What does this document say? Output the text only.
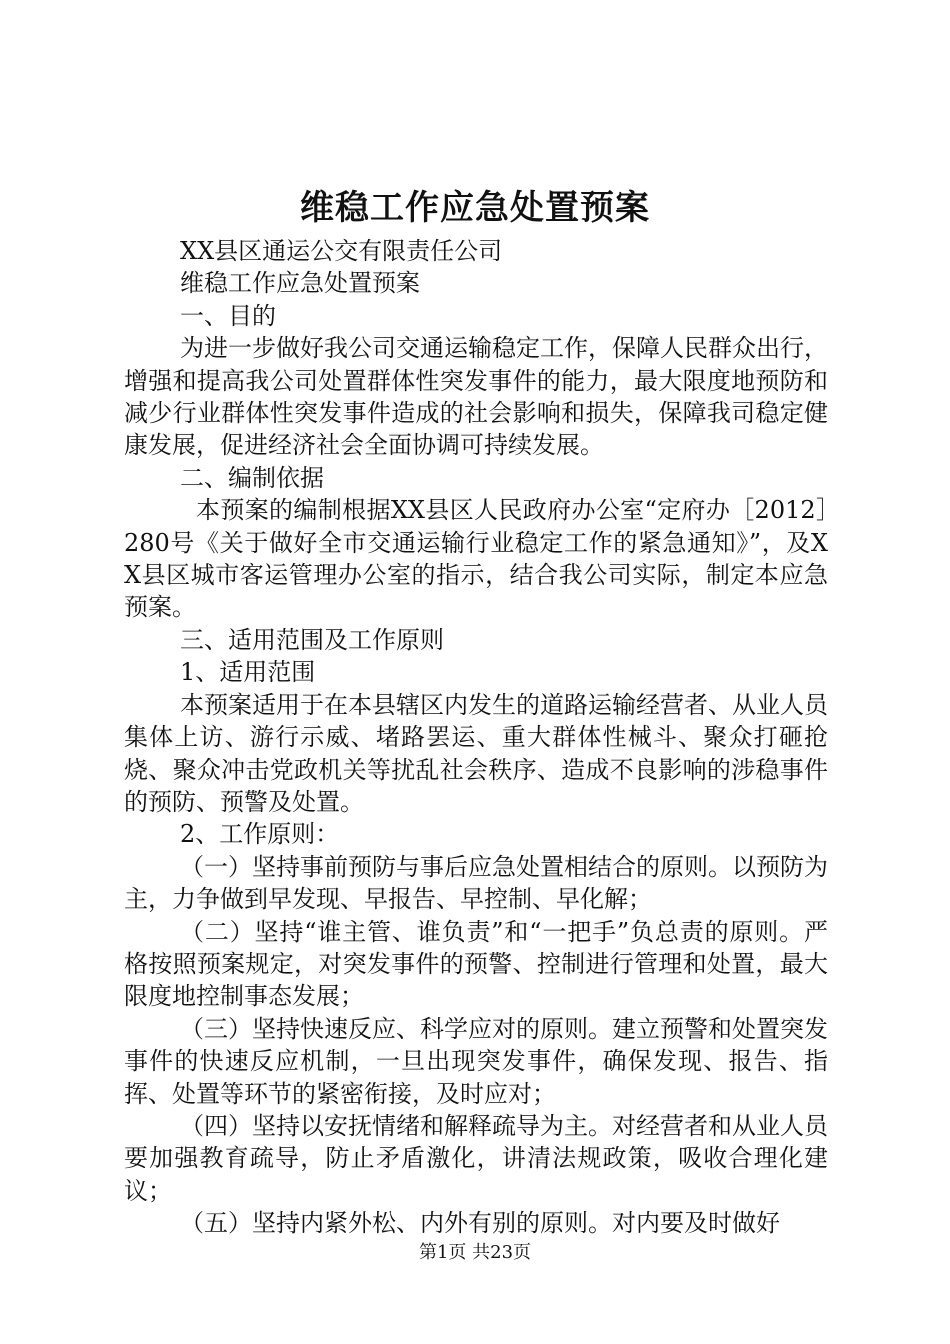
维稳工作应急处置预案

XX县区通运公交有限责任公司

维稳工作应急处置预案

一、目的

为进一步做好我公司交通运输稳定工作，保障人民群众出行，增强和提高我公司处置群体性突发事件的能力，最大限度地预防和减少行业群体性突发事件造成的社会影响和损失，保障我司稳定健康发展，促进经济社会全面协调可持续发展。

二、编制依据

本预案的编制根据XX县区人民政府办公室“定府办［2012］280号《关于做好全市交通运输行业稳定工作的紧急通知》”，及XX县区城市客运管理办公室的指示，结合我公司实际，制定本应急预案。

三、适用范围及工作原则

1、适用范围

本预案适用于在本县辖区内发生的道路运输经营者、从业人员集体上访、游行示威、堵路罢运、重大群体性械斗、聚众打砸抢烧、聚众冲击党政机关等扰乱社会秩序、造成不良影响的涉稳事件的预防、预警及处置。

2、工作原则：

（一）坚持事前预防与事后应急处置相结合的原则。以预防为主，力争做到早发现、早报告、早控制、早化解；

（二）坚持“谁主管、谁负责”和“一把手”负总责的原则。严格按照预案规定，对突发事件的预警、控制进行管理和处置，最大限度地控制事态发展；

（三）坚持快速反应、科学应对的原则。建立预警和处置突发事件的快速反应机制，一旦出现突发事件，确保发现、报告、指挥、处置等环节的紧密衔接，及时应对；

（四）坚持以安抚情绪和解释疏导为主。对经营者和从业人员要加强教育疏导，防止矛盾激化，讲清法规政策，吸收合理化建议；

（五）坚持内紧外松、内外有别的原则。对内要及时做好

第1页 共23页
